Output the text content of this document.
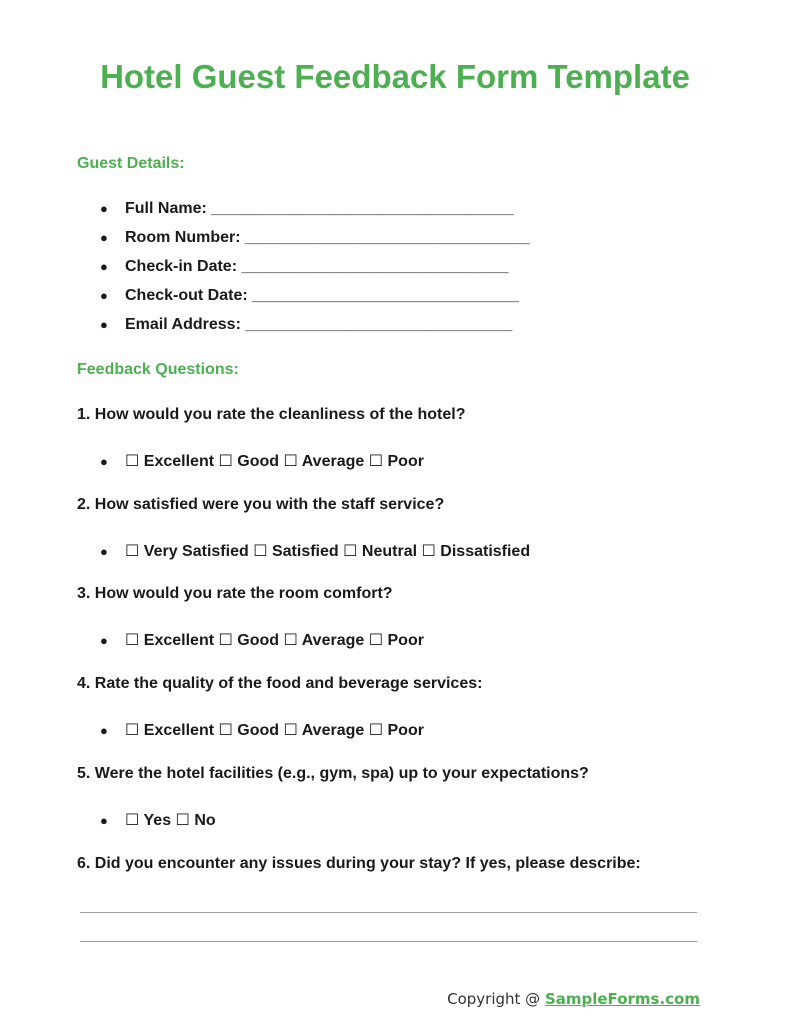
Hotel Guest Feedback Form Template
Guest Details:
●	Full Name: __________________________________
●	Room Number: ________________________________
●	Check-in Date: ______________________________
●	Check-out Date: ______________________________
●	Email Address: ______________________________
Feedback Questions:
1. How would you rate the cleanliness of the hotel?
●	☐ Excellent
☐ Good
☐ Average
☐ Poor
2. How satisfied were you with the staff service?
●	☐ Very Satisfied
☐ Satisfied
☐ Neutral
☐ Dissatisfied
3. How would you rate the room comfort?
●	☐ Excellent
☐ Good
☐ Average
☐ Poor
4. Rate the quality of the food and beverage services:
●	☐ Excellent
☐ Good
☐ Average
☐ Poor
5. Were the hotel facilities (e.g., gym, spa) up to your expectations?
●	☐ Yes
☐ No
6. Did you encounter any issues during your stay? If yes, please describe:
Copyright @ SampleForms.com
